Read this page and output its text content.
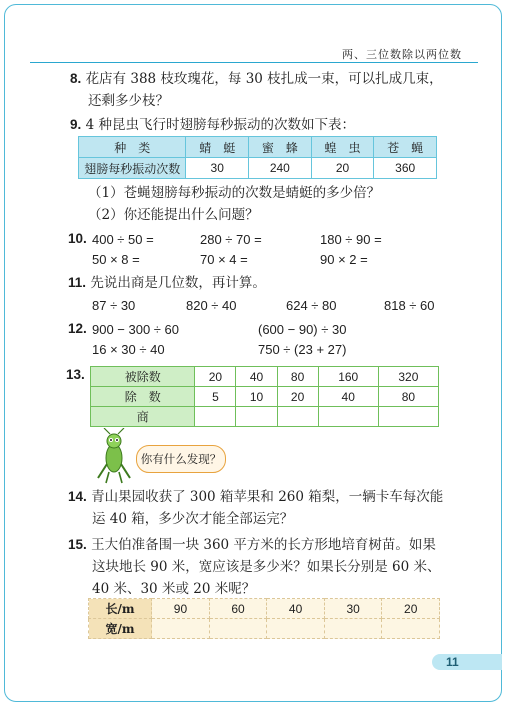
两、三位数除以两位数
8. 花店有 388 枝玫瑰花，每 30 枝扎成一束，可以扎成几束，
还剩多少枝？
9. 4 种昆虫飞行时翅膀每秒振动的次数如下表：
种　类	蜻　蜓	蜜　蜂	蝗　虫	苍　蝇
翅膀每秒振动次数	30	240	20	360
（1）苍蝇翅膀每秒振动的次数是蜻蜓的多少倍？
（2）你还能提出什么问题？
10. 400 ÷ 50 =	280 ÷ 70 =	180 ÷ 90 =
50 × 8 =	70 × 4 =	90 × 2 =
11. 先说出商是几位数，再计算。
87 ÷ 30	820 ÷ 40	624 ÷ 80	818 ÷ 60
12. 900 − 300 ÷ 60	(600 − 90) ÷ 30
16 × 30 ÷ 40	750 ÷ (23 + 27)
13.	被除数	20	40	80	160	320
除　数	5	10	20	40	80
商					
你有什么发现？
14. 青山果园收获了 300 箱苹果和 260 箱梨，一辆卡车每次能
运 40 箱，多少次才能全部运完？
15. 王大伯准备围一块 360 平方米的长方形地培育树苗。如果
这块地长 90 米，宽应该是多少米？如果长分别是 60 米、
40 米、30 米或 20 米呢？
长/m	90	60	40	30	20
宽/m					
11
